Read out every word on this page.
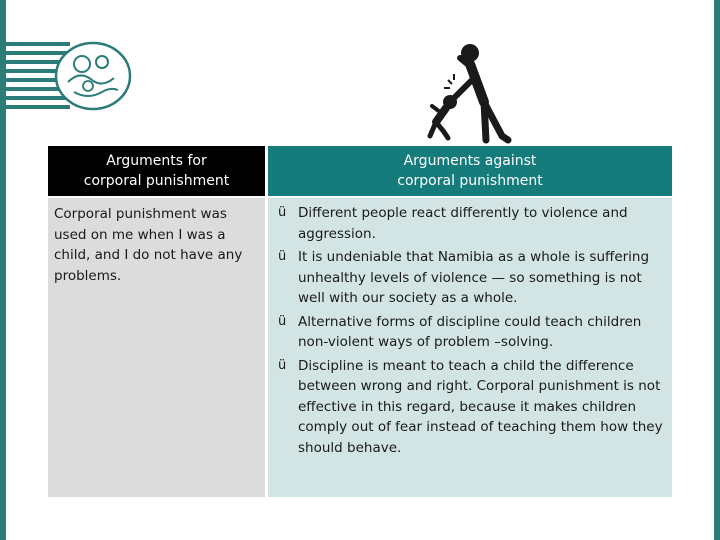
Arguments for
corporal punishment
Arguments against
corporal punishment

Corporal punishment was used on me when I was a child, and I do not have any problems.

ü Different people react differently to violence and aggression.
ü It is undeniable that Namibia as a whole is suffering unhealthy levels of violence — so something is not well with our society as a whole.
ü Alternative forms of discipline could teach children non-violent ways of problem –solving.
ü Discipline is meant to teach a child the difference between wrong and right. Corporal punishment is not effective in this regard, because it makes children comply out of fear instead of teaching them how they should behave.
